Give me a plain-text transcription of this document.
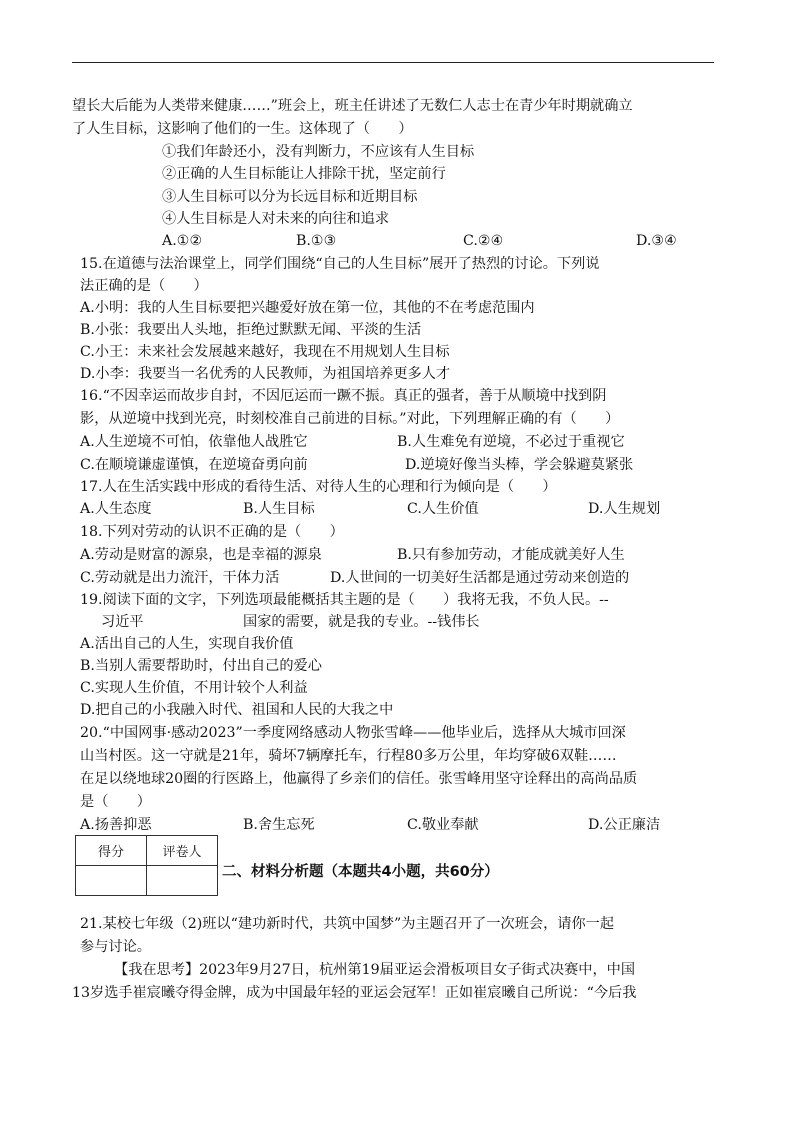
望长大后能为人类带来健康……”班会上，班主任讲述了无数仁人志士在青少年时期就确立
了人生目标，这影响了他们的一生。这体现了（　　）
①我们年龄还小，没有判断力，不应该有人生目标
②正确的人生目标能让人排除干扰，坚定前行
③人生目标可以分为长远目标和近期目标
④人生目标是人对未来的向往和追求
A.①②	B.①③	C.②④	D.③④
15.在道德与法治课堂上，同学们围绕“自己的人生目标”展开了热烈的讨论。下列说
法正确的是（　　）
A.小明：我的人生目标要把兴趣爱好放在第一位，其他的不在考虑范围内
B.小张：我要出人头地，拒绝过默默无闻、平淡的生活
C.小王：未来社会发展越来越好，我现在不用规划人生目标
D.小李：我要当一名优秀的人民教师，为祖国培养更多人才
16.“不因幸运而故步自封，不因厄运而一蹶不振。真正的强者，善于从顺境中找到阴
影，从逆境中找到光亮，时刻校准自己前进的目标。”对此，下列理解正确的有（　　）
A.人生逆境不可怕，依靠他人战胜它	B.人生难免有逆境，不必过于重视它
C.在顺境谦虚谨慎，在逆境奋勇向前	D.逆境好像当头棒，学会躲避莫紧张
17.人在生活实践中形成的看待生活、对待人生的心理和行为倾向是（　　）
A.人生态度	B.人生目标	C.人生价值	D.人生规划
18.下列对劳动的认识不正确的是（　　）
A.劳动是财富的源泉，也是幸福的源泉	B.只有参加劳动，才能成就美好人生
C.劳动就是出力流汗，干体力活	D.人世间的一切美好生活都是通过劳动来创造的
19.阅读下面的文字，下列选项最能概括其主题的是（　　）我将无我，不负人民。--
习近平	国家的需要，就是我的专业。--钱伟长
A.活出自己的人生，实现自我价值
B.当别人需要帮助时，付出自己的爱心
C.实现人生价值，不用计较个人利益
D.把自己的小我融入时代、祖国和人民的大我之中
20.“中国网事·感动2023”一季度网络感动人物张雪峰——他毕业后，选择从大城市回深
山当村医。这一守就是21年，骑坏7辆摩托车，行程80多万公里，年均穿破6双鞋……
在足以绕地球20圈的行医路上，他赢得了乡亲们的信任。张雪峰用坚守诠释出的高尚品质
是（　　）
A.扬善抑恶	B.舍生忘死	C.敬业奉献	D.公正廉洁
得分	评卷人

二、材料分析题（本题共4小题，共60分）
21.某校七年级（2)班以“建功新时代，共筑中国梦”为主题召开了一次班会，请你一起
参与讨论。
【我在思考】2023年9月27日，杭州第19届亚运会滑板项目女子街式决赛中，中国
13岁选手崔宸曦夺得金牌，成为中国最年轻的亚运会冠军！正如崔宸曦自己所说：“今后我
